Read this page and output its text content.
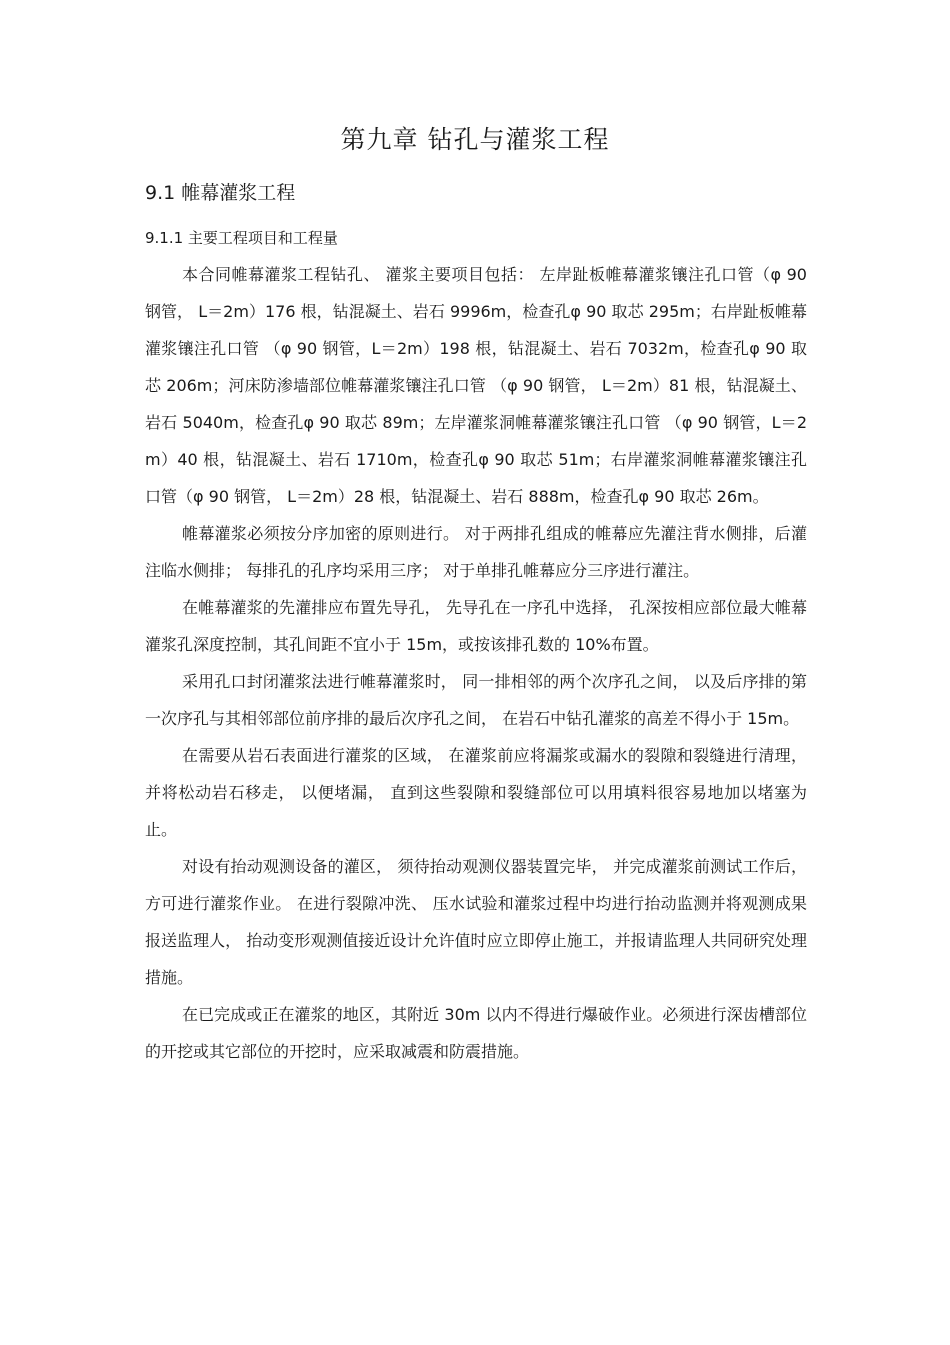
第九章 钻孔与灌浆工程
9.1 帷幕灌浆工程
9.1.1 主要工程项目和工程量

本合同帷幕灌浆工程钻孔、 灌浆主要项目包括： 左岸趾板帷幕灌浆镶注孔口管（φ 90 钢管， L＝2m）176 根，钻混凝土、岩石 9996m，检查孔φ 90 取芯 295m；右岸趾板帷幕灌浆镶注孔口管 （φ 90 钢管，L＝2m）198 根，钻混凝土、岩石 7032m，检查孔φ 90 取芯 206m；河床防渗墙部位帷幕灌浆镶注孔口管 （φ 90 钢管， L＝2m）81 根，钻混凝土、岩石 5040m，检查孔φ 90 取芯 89m；左岸灌浆洞帷幕灌浆镶注孔口管 （φ 90 钢管，L＝2m）40 根，钻混凝土、岩石 1710m，检查孔φ 90 取芯 51m；右岸灌浆洞帷幕灌浆镶注孔口管（φ 90 钢管， L＝2m）28 根，钻混凝土、岩石 888m，检查孔φ 90 取芯 26m。

帷幕灌浆必须按分序加密的原则进行。 对于两排孔组成的帷幕应先灌注背水侧排，后灌注临水侧排； 每排孔的孔序均采用三序； 对于单排孔帷幕应分三序进行灌注。

在帷幕灌浆的先灌排应布置先导孔， 先导孔在一序孔中选择， 孔深按相应部位最大帷幕灌浆孔深度控制，其孔间距不宜小于 15m，或按该排孔数的 10%布置。

采用孔口封闭灌浆法进行帷幕灌浆时， 同一排相邻的两个次序孔之间， 以及后序排的第一次序孔与其相邻部位前序排的最后次序孔之间， 在岩石中钻孔灌浆的高差不得小于 15m。

在需要从岩石表面进行灌浆的区域， 在灌浆前应将漏浆或漏水的裂隙和裂缝进行清理， 并将松动岩石移走， 以便堵漏， 直到这些裂隙和裂缝部位可以用填料很容易地加以堵塞为止。

对设有抬动观测设备的灌区， 须待抬动观测仪器装置完毕， 并完成灌浆前测试工作后， 方可进行灌浆作业。 在进行裂隙冲洗、 压水试验和灌浆过程中均进行抬动监测并将观测成果报送监理人， 抬动变形观测值接近设计允许值时应立即停止施工，并报请监理人共同研究处理措施。

在已完成或正在灌浆的地区，其附近 30m 以内不得进行爆破作业。必须进行深齿槽部位的开挖或其它部位的开挖时，应采取减震和防震措施。
